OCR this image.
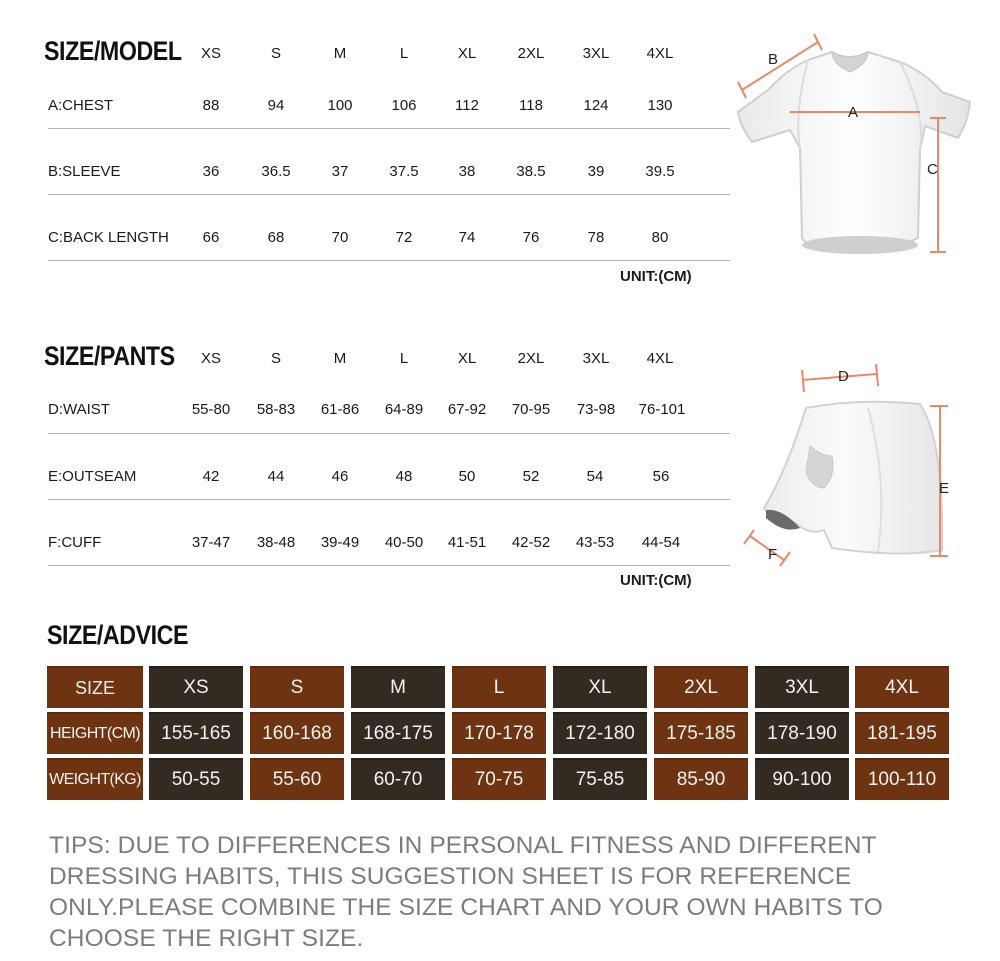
SIZE/MODEL	XS	S	M	L	XL	2XL	3XL	4XL
A:CHEST	88	94	100	106	112	118	124	130
B:SLEEVE	36	36.5	37	37.5	38	38.5	39	39.5
C:BACK LENGTH	66	68	70	72	74	76	78	80
UNIT:(CM)
A
B
C
SIZE/PANTS	XS	S	M	L	XL	2XL	3XL	4XL
D:WAIST	55-80	58-83	61-86	64-89	67-92	70-95	73-98	76-101
E:OUTSEAM	42	44	46	48	50	52	54	56
F:CUFF	37-47	38-48	39-49	40-50	41-51	42-52	43-53	44-54
UNIT:(CM)
D
E
F
SIZE/ADVICE
SIZE	XS	S	M	L	XL	2XL	3XL	4XL
HEIGHT(CM)	155-165	160-168	168-175	170-178	172-180	175-185	178-190	181-195
WEIGHT(KG)	50-55	55-60	60-70	70-75	75-85	85-90	90-100	100-110
TIPS: DUE TO DIFFERENCES IN PERSONAL FITNESS AND DIFFERENT DRESSING HABITS, THIS SUGGESTION SHEET IS FOR REFERENCE ONLY.PLEASE COMBINE THE SIZE CHART AND YOUR OWN HABITS TO CHOOSE THE RIGHT SIZE.
